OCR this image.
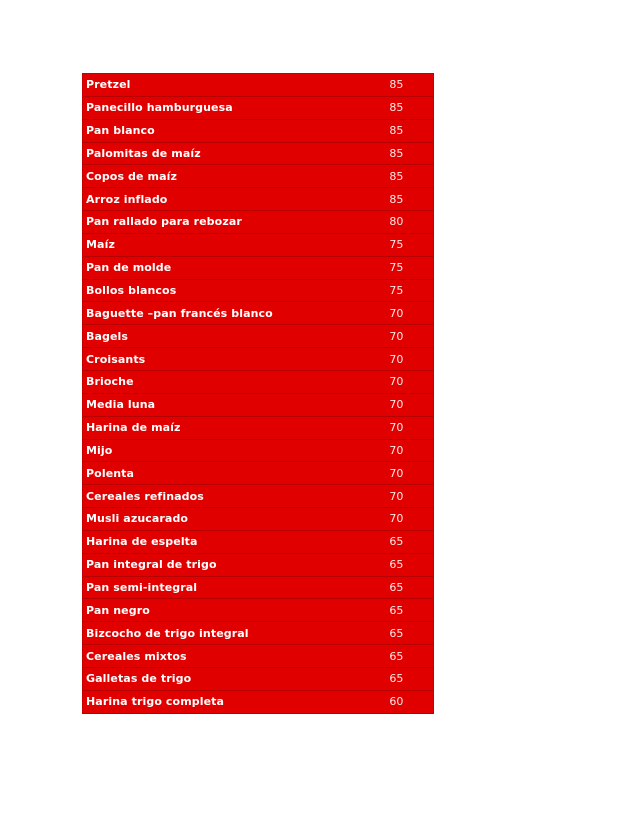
Pretzel	85
Panecillo hamburguesa	85
Pan blanco	85
Palomitas de maíz	85
Copos de maíz	85
Arroz inflado	85
Pan rallado para rebozar	80
Maíz	75
Pan de molde	75
Bollos blancos	75
Baguette –pan francés blanco	70
Bagels	70
Croisants	70
Brioche	70
Media luna	70
Harina de maíz	70
Mijo	70
Polenta	70
Cereales refinados	70
Musli azucarado	70
Harina de espelta	65
Pan integral de trigo	65
Pan semi-integral	65
Pan negro	65
Bizcocho de trigo integral	65
Cereales mixtos	65
Galletas de trigo	65
Harina trigo completa	60
